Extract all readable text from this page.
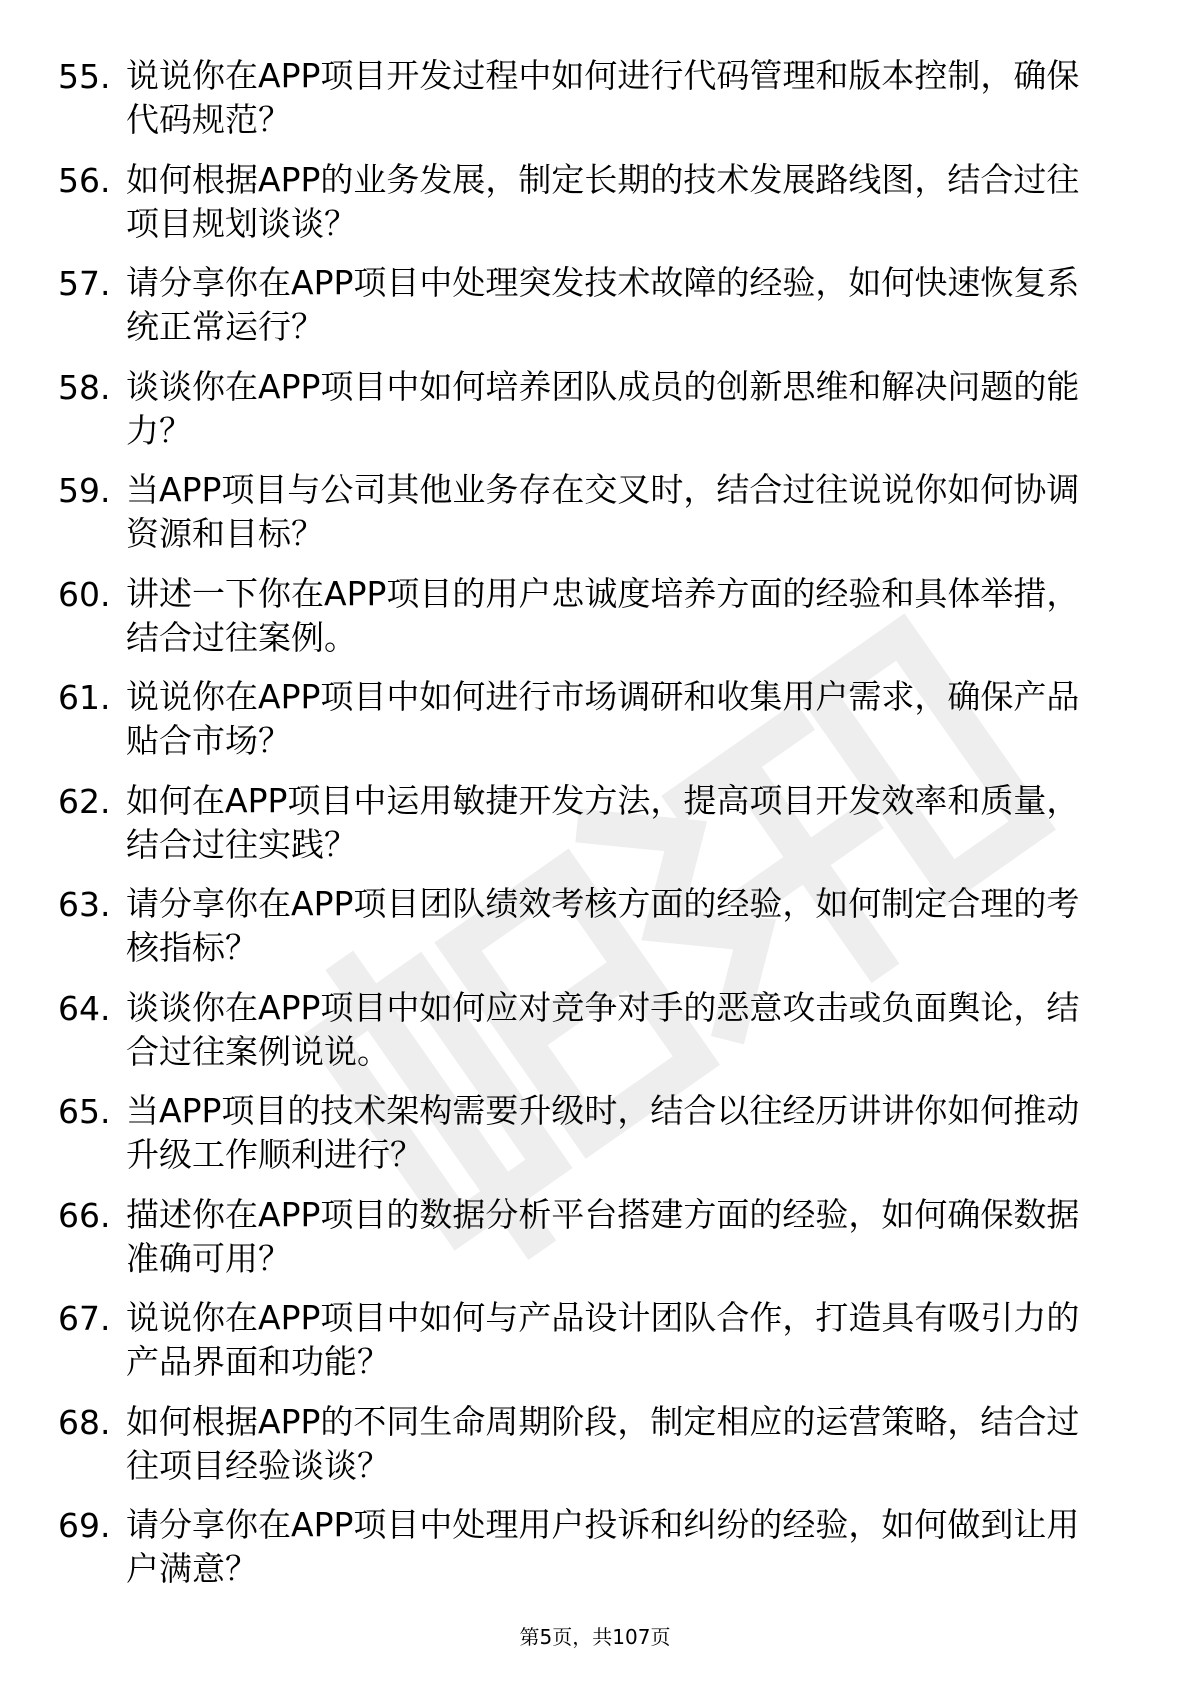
55. 说说你在APP项目开发过程中如何进行代码管理和版本控制，确保代码规范？
56. 如何根据APP的业务发展，制定长期的技术发展路线图，结合过往项目规划谈谈？
57. 请分享你在APP项目中处理突发技术故障的经验，如何快速恢复系统正常运行？
58. 谈谈你在APP项目中如何培养团队成员的创新思维和解决问题的能力？
59. 当APP项目与公司其他业务存在交叉时，结合过往说说你如何协调资源和目标？
60. 讲述一下你在APP项目的用户忠诚度培养方面的经验和具体举措，结合过往案例。
61. 说说你在APP项目中如何进行市场调研和收集用户需求，确保产品贴合市场？
62. 如何在APP项目中运用敏捷开发方法，提高项目开发效率和质量，结合过往实践？
63. 请分享你在APP项目团队绩效考核方面的经验，如何制定合理的考核指标？
64. 谈谈你在APP项目中如何应对竞争对手的恶意攻击或负面舆论，结合过往案例说说。
65. 当APP项目的技术架构需要升级时，结合以往经历讲讲你如何推动升级工作顺利进行？
66. 描述你在APP项目的数据分析平台搭建方面的经验，如何确保数据准确可用？
67. 说说你在APP项目中如何与产品设计团队合作，打造具有吸引力的产品界面和功能？
68. 如何根据APP的不同生命周期阶段，制定相应的运营策略，结合过往项目经验谈谈？
69. 请分享你在APP项目中处理用户投诉和纠纷的经验，如何做到让用户满意？
第5页，共107页
